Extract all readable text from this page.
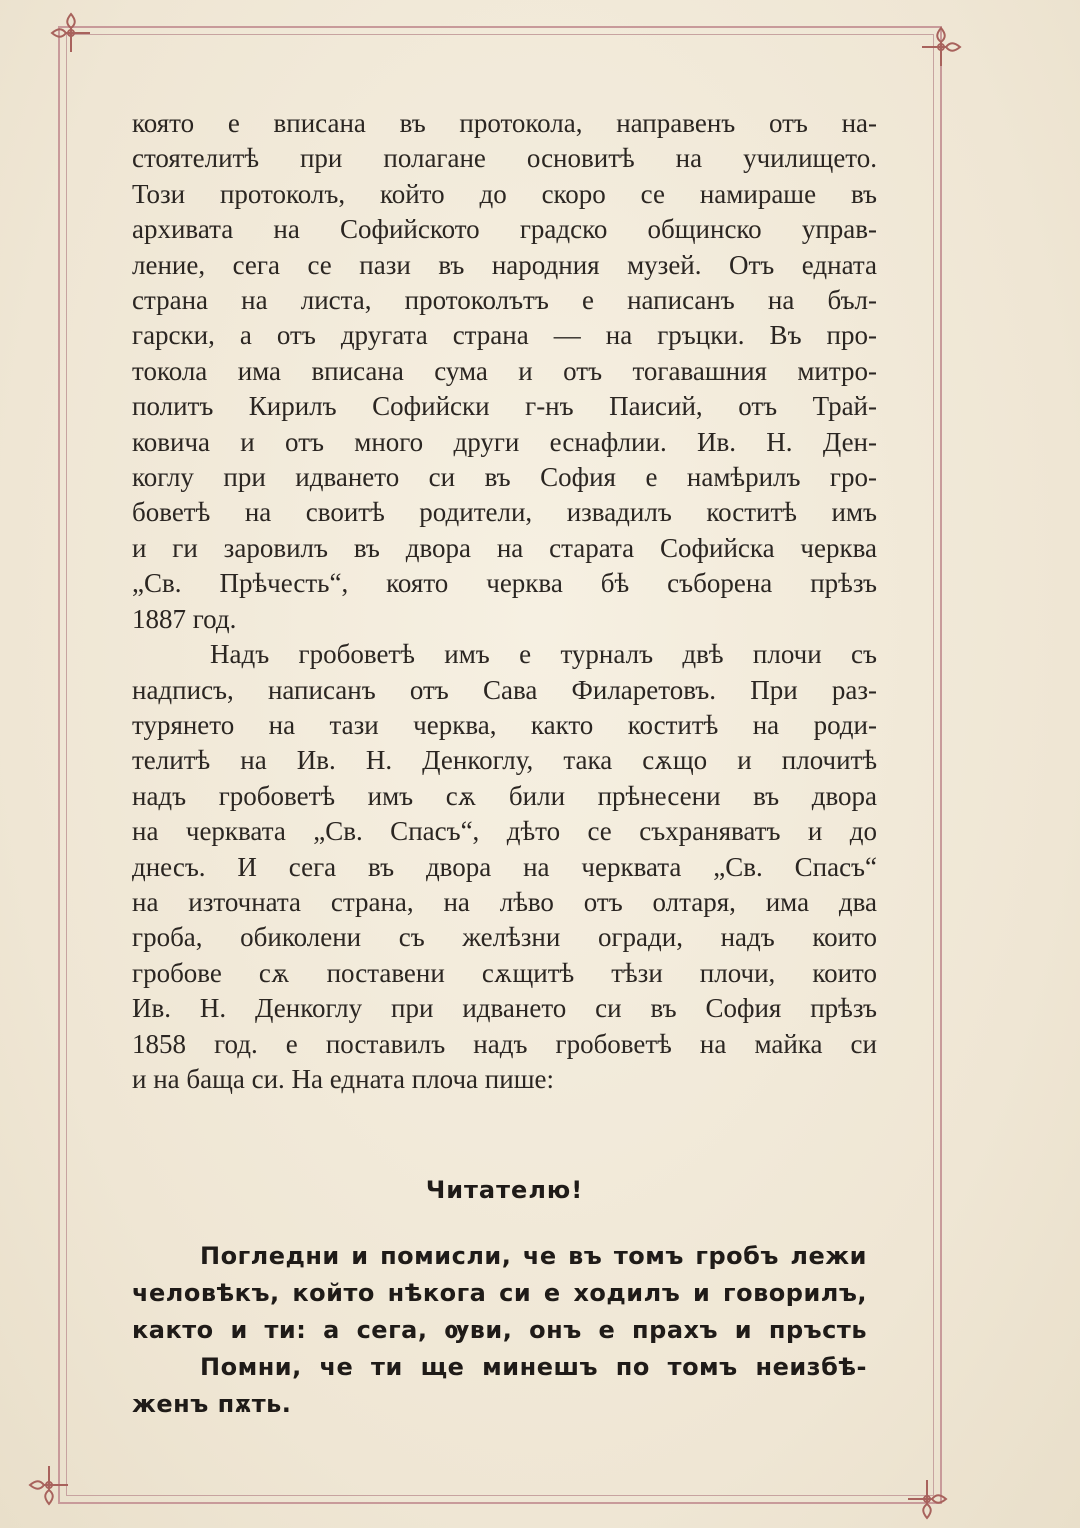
която е вписана въ протокола, направенъ отъ на-
стоятелитѣ при полагане основитѣ на училището.
Този протоколъ, който до скоро се намираше въ
архивата на Софийското градско общинско управ-
ление, сега се пази въ народния музей. Отъ едната
страна на листа, протоколътъ е написанъ на бъл-
гарски, а отъ другата страна — на гръцки. Въ про-
токола има вписана сума и отъ тогавашния митро-
политъ Кирилъ Софийски г-нъ Паисий, отъ Трай-
ковича и отъ много други еснафлии. Ив. Н. Ден-
коглу при идването си въ София е намѣрилъ гро-
боветѣ на своитѣ родители, извадилъ коститѣ имъ
и ги заровилъ въ двора на старата Софийска черква
„Св. Прѣчесть“, която черква бѣ съборена прѣзъ
1887 год.
Надъ гробоветѣ имъ е турналъ двѣ плочи съ
надписъ, написанъ отъ Сава Филаретовъ. При раз-
турянето на тази черква, както коститѣ на роди-
телитѣ на Ив. Н. Денкоглу, така сѫщо и плочитѣ
надъ гробоветѣ имъ сѫ били прѣнесени въ двора
на черквата „Св. Спасъ“, дѣто се съхраняватъ и до
днесъ. И сега въ двора на черквата „Св. Спасъ“
на източната страна, на лѣво отъ олтаря, има два
гроба, обиколени съ желѣзни огради, надъ които
гробове сѫ поставени сѫщитѣ тѣзи плочи, които
Ив. Н. Денкоглу при идването си въ София прѣзъ
1858 год. е поставилъ надъ гробоветѣ на майка си
и на баща си. На едната плоча пише:
Читателю!
Погледни и помисли, че въ томъ гробъ лежи
человѣкъ, който нѣкога си е ходилъ и говорилъ,
както и ти: а сега, ѹви, онъ е прахъ и пръсть
Помни, че ти ще минешъ по томъ неизбѣ-
женъ пѫть.
